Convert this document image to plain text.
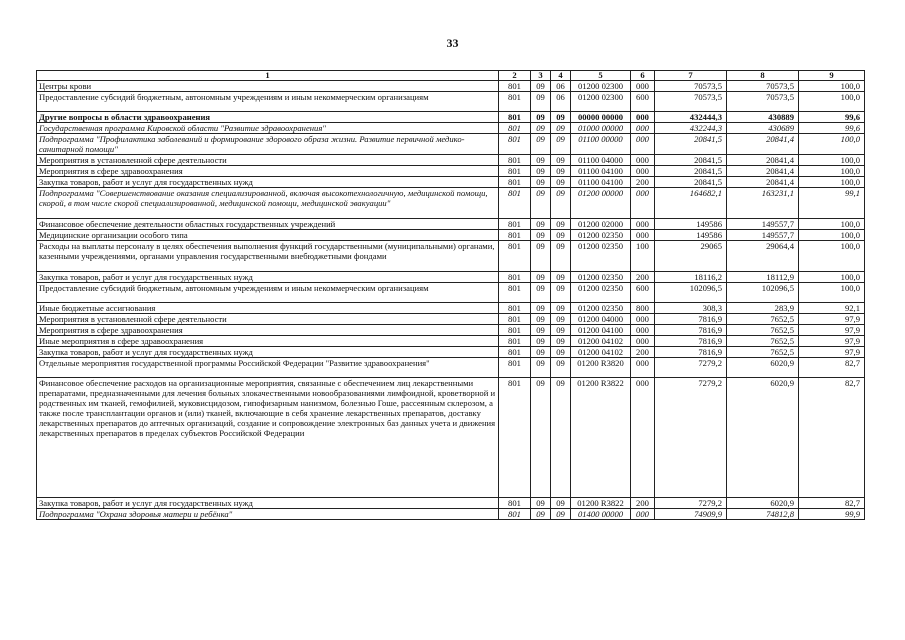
33
1	2	3	4	5	6	7	8	9
Центры крови	801	09	06	01200 02300	000	70573,5	70573,5	100,0
Предоставление субсидий бюджетным, автономным учреждениям и иным некоммерческим организациям	801	09	06	01200 02300	600	70573,5	70573,5	100,0
Другие вопросы в области здравоохранения	801	09	09	00000 00000	000	432444,3	430889	99,6
Государственная программа Кировской области "Развитие здравоохранения"	801	09	09	01000 00000	000	432244,3	430689	99,6
Подпрограмма "Профилактика заболеваний и формирование здорового образа жизни. Развитие первичной медико-санитарной помощи"	801	09	09	01100 00000	000	20841,5	20841,4	100,0
Мероприятия в установленной сфере деятельности	801	09	09	01100 04000	000	20841,5	20841,4	100,0
Мероприятия в сфере здравоохранения	801	09	09	01100 04100	000	20841,5	20841,4	100,0
Закупка товаров, работ и услуг для государственных нужд	801	09	09	01100 04100	200	20841,5	20841,4	100,0
Подпрограмма "Совершенствование оказания специализированной, включая высокотехнологичную, медицинской помощи, скорой, в том числе скорой специализированной, медицинской помощи, медицинской эвакуации"	801	09	09	01200 00000	000	164682,1	163231,1	99,1
Финансовое обеспечение деятельности областных государственных учреждений	801	09	09	01200 02000	000	149586	149557,7	100,0
Медицинские организации особого типа	801	09	09	01200 02350	000	149586	149557,7	100,0
Расходы на выплаты персоналу в целях обеспечения выполнения функций государственными (муниципальными) органами, казенными учреждениями, органами управления государственными внебюджетными фондами	801	09	09	01200 02350	100	29065	29064,4	100,0
Закупка товаров, работ и услуг для государственных нужд	801	09	09	01200 02350	200	18116,2	18112,9	100,0
Предоставление субсидий бюджетным, автономным учреждениям и иным некоммерческим организациям	801	09	09	01200 02350	600	102096,5	102096,5	100,0
Иные бюджетные ассигнования	801	09	09	01200 02350	800	308,3	283,9	92,1
Мероприятия в установленной сфере деятельности	801	09	09	01200 04000	000	7816,9	7652,5	97,9
Мероприятия в сфере здравоохранения	801	09	09	01200 04100	000	7816,9	7652,5	97,9
Иные мероприятия в сфере здравоохранения	801	09	09	01200 04102	000	7816,9	7652,5	97,9
Закупка товаров, работ и услуг для государственных нужд	801	09	09	01200 04102	200	7816,9	7652,5	97,9
Отдельные мероприятия государственной программы Российской Федерации "Развитие здравоохранения"	801	09	09	01200 R3820	000	7279,2	6020,9	82,7
Финансовое обеспечение расходов на организационные мероприятия, связанные с обеспечением лиц лекарственными препаратами, предназначенными для лечения больных злокачественными новообразованиями лимфоидной, кроветворной и родственных им тканей, гемофилией, муковисцидозом, гипофизарным нанизмом, болезнью Гоше, рассеянным склерозом, а также после трансплантации органов и (или) тканей, включающие в себя хранение лекарственных препаратов, доставку лекарственных препаратов до аптечных организаций, создание и сопровождение электронных баз данных учета и движения лекарственных препаратов в пределах субъектов Российской Федерации	801	09	09	01200 R3822	000	7279,2	6020,9	82,7
Закупка товаров, работ и услуг для государственных нужд	801	09	09	01200 R3822	200	7279,2	6020,9	82,7
Подпрограмма "Охрана здоровья матери и ребёнка"	801	09	09	01400 00000	000	74909,9	74812,8	99,9
